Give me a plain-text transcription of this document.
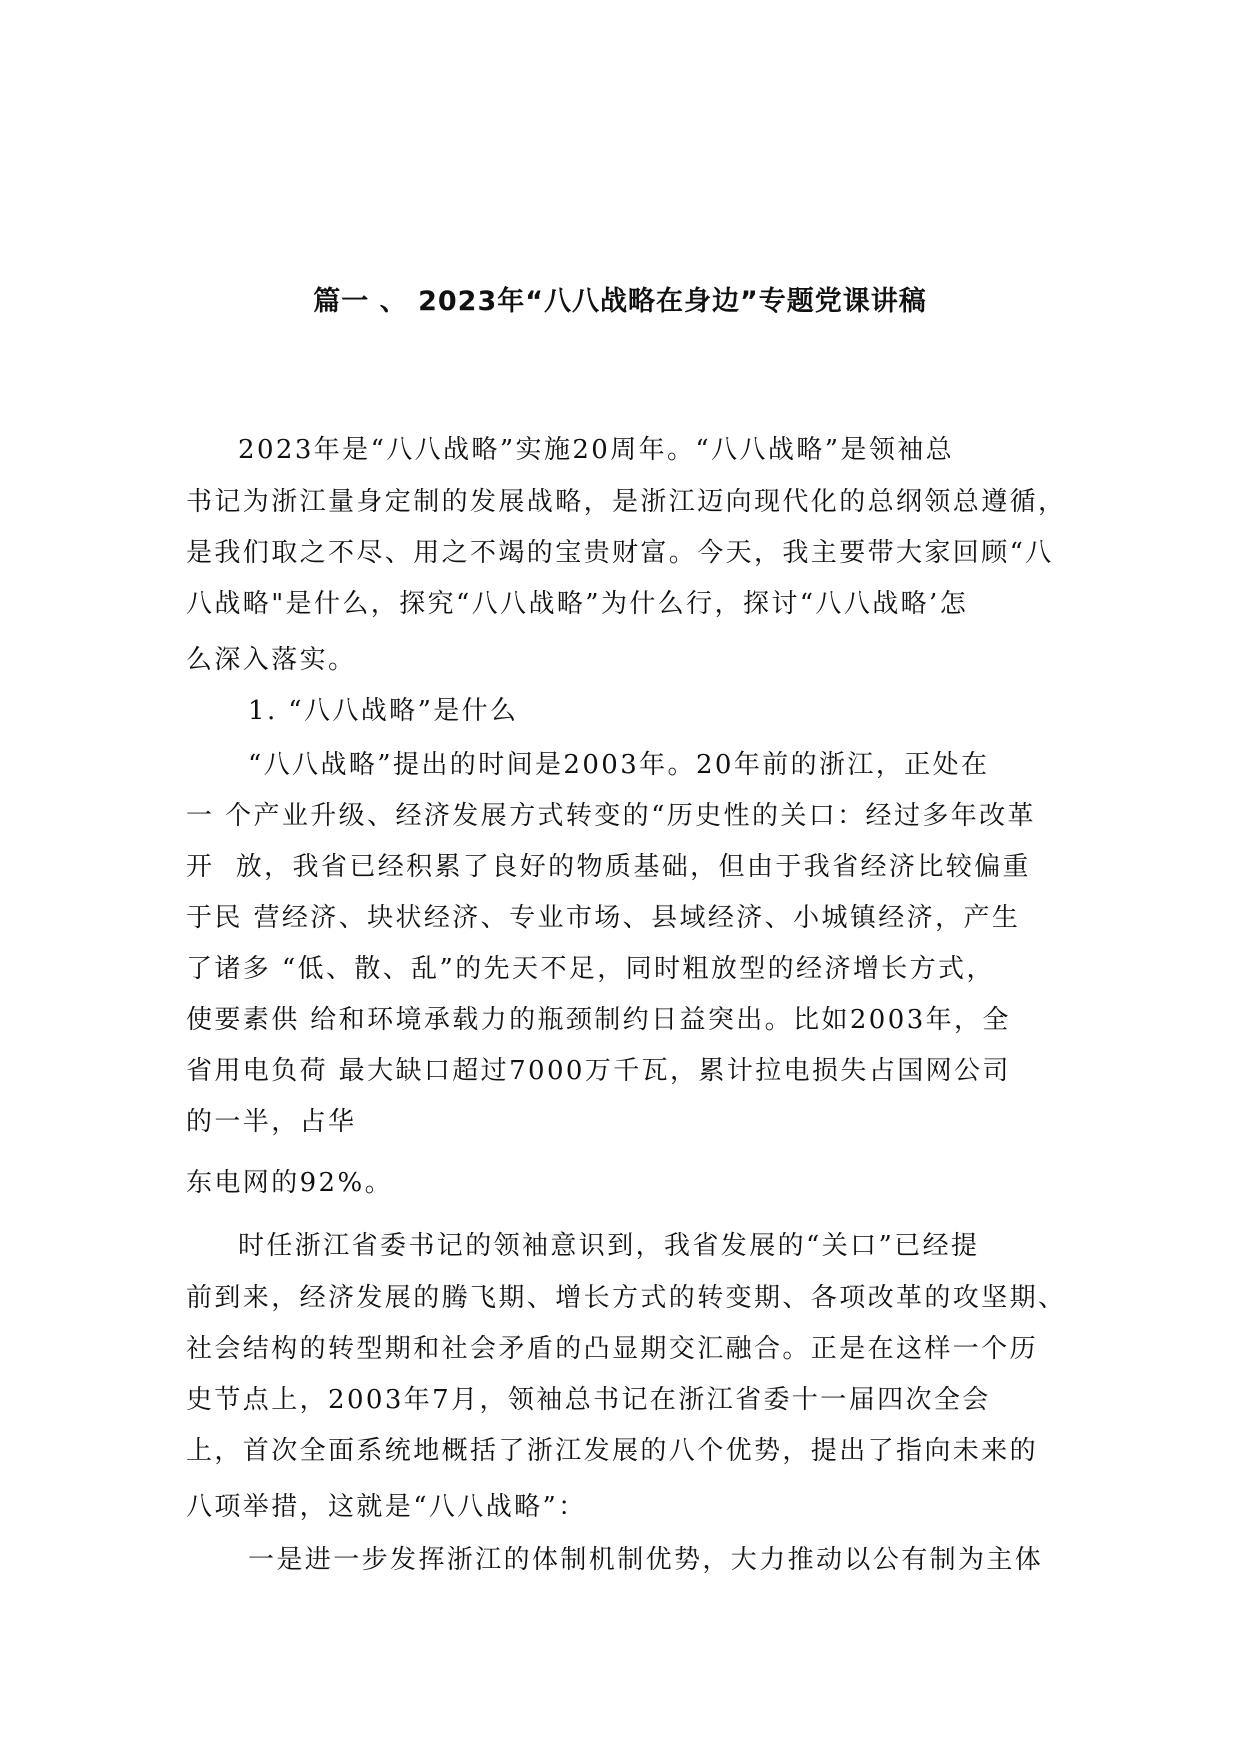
篇一 、 2023年“八八战略在身边”专题党课讲稿
2023年是“八八战略”实施20周年。“八八战略”是领袖总
书记为浙江量身定制的发展战略，是浙江迈向现代化的总纲领总遵循，
是我们取之不尽、用之不竭的宝贵财富。今天，我主要带大家回顾“八
八战略"是什么，探究“八八战略”为什么行，探讨“八八战略’怎
么深入落实。
1. “八八战略”是什么
“八八战略”提出的时间是2003年。20年前的浙江，正处在
一 个产业升级、经济发展方式转变的“历史性的关口：经过多年改革
开  放，我省已经积累了良好的物质基础，但由于我省经济比较偏重
于民 营经济、块状经济、专业市场、县域经济、小城镇经济，产生
了诸多 “低、散、乱”的先天不足，同时粗放型的经济增长方式，
使要素供 给和环境承载力的瓶颈制约日益突出。比如2003年，全
省用电负荷 最大缺口超过7000万千瓦，累计拉电损失占国网公司
的一半，占华
东电网的92%。
时任浙江省委书记的领袖意识到，我省发展的“关口”已经提
前到来，经济发展的腾飞期、增长方式的转变期、各项改革的攻坚期、
社会结构的转型期和社会矛盾的凸显期交汇融合。正是在这样一个历
史节点上，2003年7月，领袖总书记在浙江省委十一届四次全会
上，首次全面系统地概括了浙江发展的八个优势，提出了指向未来的
八项举措，这就是“八八战略”：
一是进一步发挥浙江的体制机制优势，大力推动以公有制为主体
